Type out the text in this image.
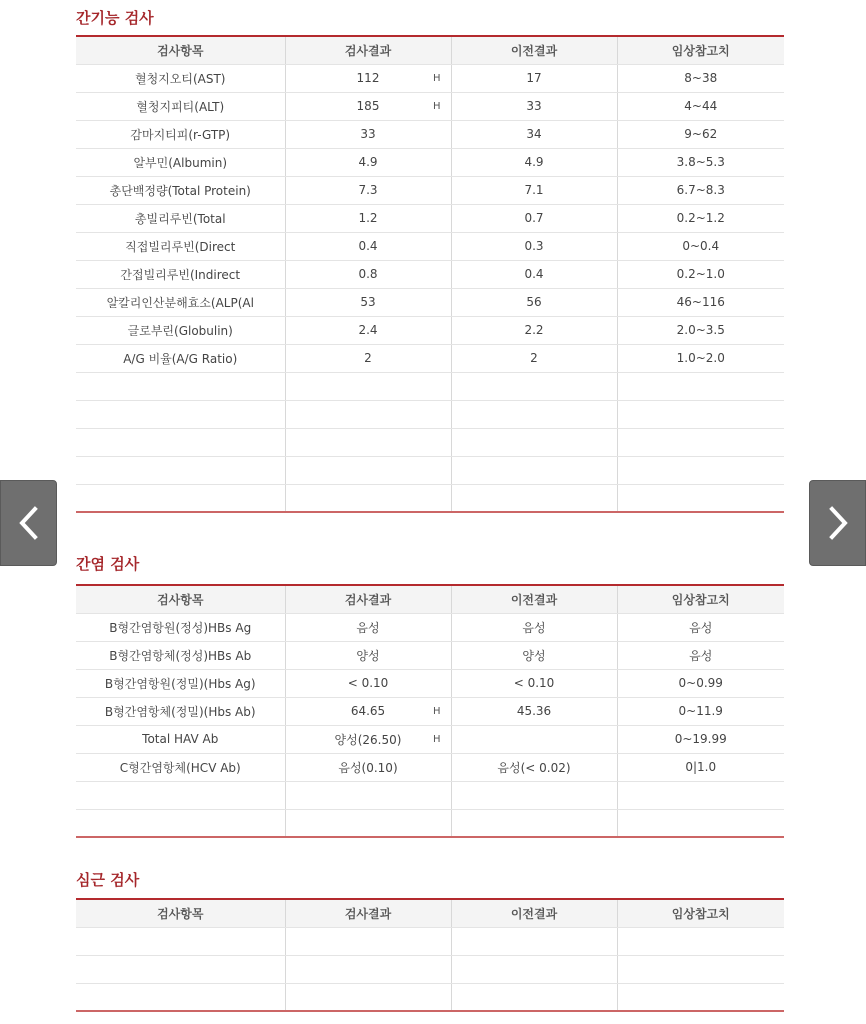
간기능 검사
검사항목	검사결과	이전결과	임상참고치
혈청지오티(AST)	112 H	17	8~38
혈청지피티(ALT)	185 H	33	4~44
감마지티피(r-GTP)	33	34	9~62
알부민(Albumin)	4.9	4.9	3.8~5.3
총단백정량(Total Protein)	7.3	7.1	6.7~8.3
총빌리루빈(Total	1.2	0.7	0.2~1.2
직접빌리루빈(Direct	0.4	0.3	0~0.4
간접빌리루빈(Indirect	0.8	0.4	0.2~1.0
알칼리인산분해효소(ALP(Al	53	56	46~116
글로부린(Globulin)	2.4	2.2	2.0~3.5
A/G 비율(A/G Ratio)	2	2	1.0~2.0

간염 검사
검사항목	검사결과	이전결과	임상참고치
B형간염항원(정성)HBs Ag	음성	음성	음성
B형간염항체(정성)HBs Ab	양성	양성	음성
B형간염항원(정밀)(Hbs Ag)	< 0.10	< 0.10	0~0.99
B형간염항체(정밀)(Hbs Ab)	64.65 H	45.36	0~11.9
Total HAV Ab	양성(26.50) H		0~19.99
C형간염항체(HCV Ab)	음성(0.10)	음성(< 0.02)	0|1.0

심근 검사
검사항목	검사결과	이전결과	임상참고치
